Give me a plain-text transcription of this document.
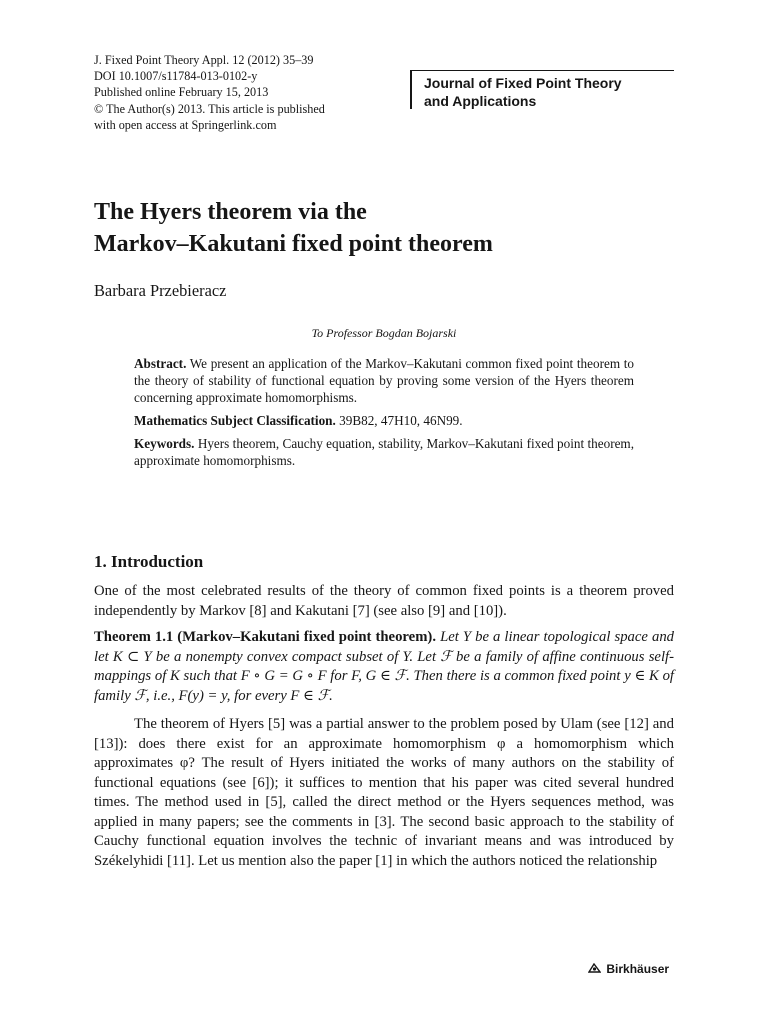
J. Fixed Point Theory Appl. 12 (2012) 35–39
DOI 10.1007/s11784-013-0102-y
Published online February 15, 2013
© The Author(s) 2013. This article is published
with open access at Springerlink.com
Journal of Fixed Point Theory
and Applications
The Hyers theorem via the
Markov–Kakutani fixed point theorem
Barbara Przebieracz
To Professor Bogdan Bojarski

Abstract. We present an application of the Markov–Kakutani common fixed point theorem to the theory of stability of functional equation by proving some version of the Hyers theorem concerning approximate homomorphisms.

Mathematics Subject Classification. 39B82, 47H10, 46N99.

Keywords. Hyers theorem, Cauchy equation, stability, Markov–Kakutani fixed point theorem, approximate homomorphisms.

1. Introduction

One of the most celebrated results of the theory of common fixed points is a theorem proved independently by Markov [8] and Kakutani [7] (see also [9] and [10]).

Theorem 1.1 (Markov–Kakutani fixed point theorem). Let Y be a linear topological space and let K ⊂ Y be a nonempty convex compact subset of Y. Let ℱ be a family of affine continuous self-mappings of K such that F ∘ G = G ∘ F for F, G ∈ ℱ. Then there is a common fixed point y ∈ K of family ℱ, i.e., F(y) = y, for every F ∈ ℱ.

The theorem of Hyers [5] was a partial answer to the problem posed by Ulam (see [12] and [13]): does there exist for an approximate homomorphism φ a homomorphism which approximates φ? The result of Hyers initiated the works of many authors on the stability of functional equations (see [6]); it suffices to mention that his paper was cited several hundred times. The method used in [5], called the direct method or the Hyers sequences method, was applied in many papers; see the comments in [3]. The second basic approach to the stability of Cauchy functional equation involves the technic of invariant means and was introduced by Székelyhidi [11]. Let us mention also the paper [1] in which the authors noticed the relationship

Birkhäuser
